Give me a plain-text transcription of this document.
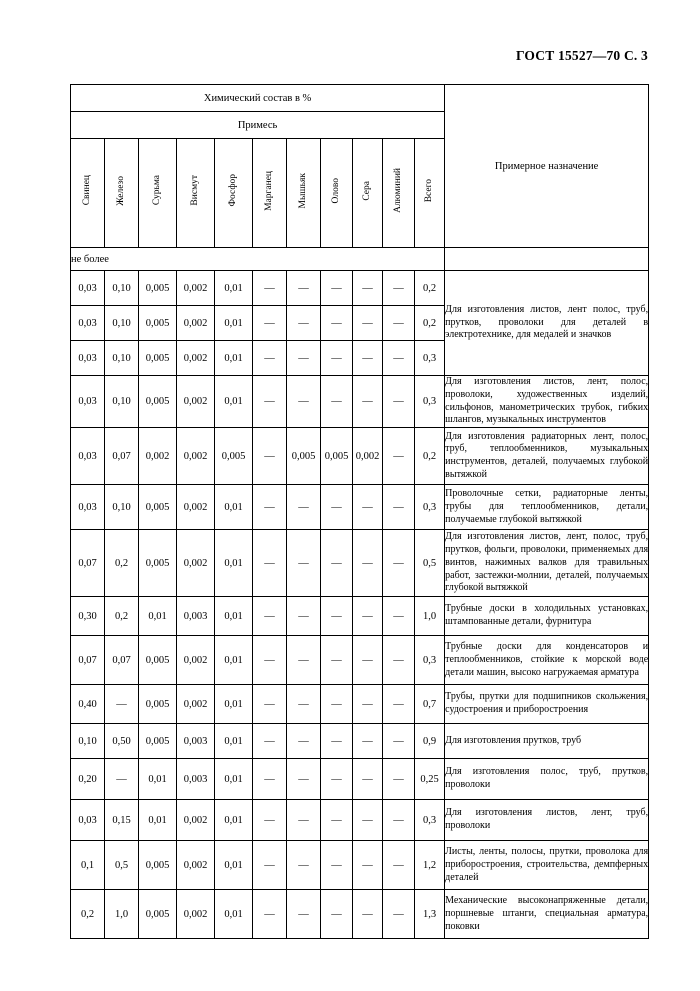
ГОСТ 15527—70 С. 3
Химический состав в %											Примерное назначение
Примесь											
Свинец	Железо	Сурьма	Висмут	Фосфор	Марганец	Мышьяк	Олово	Сера	Алюминий	Всего	
не более											
0,03	0,10	0,005	0,002	0,01	—	—	—	—	—	0,2	Для изготовления листов, лент полос, труб, прутков, проволоки для деталей в электротехнике, для медалей и значков
0,03	0,10	0,005	0,002	0,01	—	—	—	—	—	0,2	
0,03	0,10	0,005	0,002	0,01	—	—	—	—	—	0,3	
0,03	0,10	0,005	0,002	0,01	—	—	—	—	—	0,3	Для изготовления листов, лент, полос, проволоки, художественных изделий, сильфонов, манометрических трубок, гибких шлангов, музыкальных инструментов
0,03	0,07	0,002	0,002	0,005	—	0,005	0,005	0,002	—	0,2	Для изготовления радиаторных лент, полос, труб, теплообменников, музыкальных инструментов, деталей, получаемых глубокой вытяжкой
0,03	0,10	0,005	0,002	0,01	—	—	—	—	—	0,3	Проволочные сетки, радиаторные ленты, трубы для теплообменников, детали, получаемые глубокой вытяжкой
0,07	0,2	0,005	0,002	0,01	—	—	—	—	—	0,5	Для изготовления листов, лент, полос, труб, прутков, фольги, проволоки, применяемых для винтов, нажимных валков для травильных работ, застежки-молнии, деталей, получаемых глубокой вытяжкой
0,30	0,2	0,01	0,003	0,01	—	—	—	—	—	1,0	Трубные доски в холодильных установках, штампованные детали, фурнитура
0,07	0,07	0,005	0,002	0,01	—	—	—	—	—	0,3	Трубные доски для конденсаторов и теплообменников, стойкие к морской воде детали машин, высоко нагружаемая арматура
0,40	—	0,005	0,002	0,01	—	—	—	—	—	0,7	Трубы, прутки для подшипников скольжения, судостроения и приборостроения
0,10	0,50	0,005	0,003	0,01	—	—	—	—	—	0,9	Для изготовления прутков, труб
0,20	—	0,01	0,003	0,01	—	—	—	—	—	0,25	Для изготовления полос, труб, прутков, проволоки
0,03	0,15	0,01	0,002	0,01	—	—	—	—	—	0,3	Для изготовления листов, лент, труб, проволоки
0,1	0,5	0,005	0,002	0,01	—	—	—	—	—	1,2	Листы, ленты, полосы, прутки, проволока для приборостроения, строительства, демпферных деталей
0,2	1,0	0,005	0,002	0,01	—	—	—	—	—	1,3	Механические высоконапряженные детали, поршневые штанги, специальная арматура, поковки
